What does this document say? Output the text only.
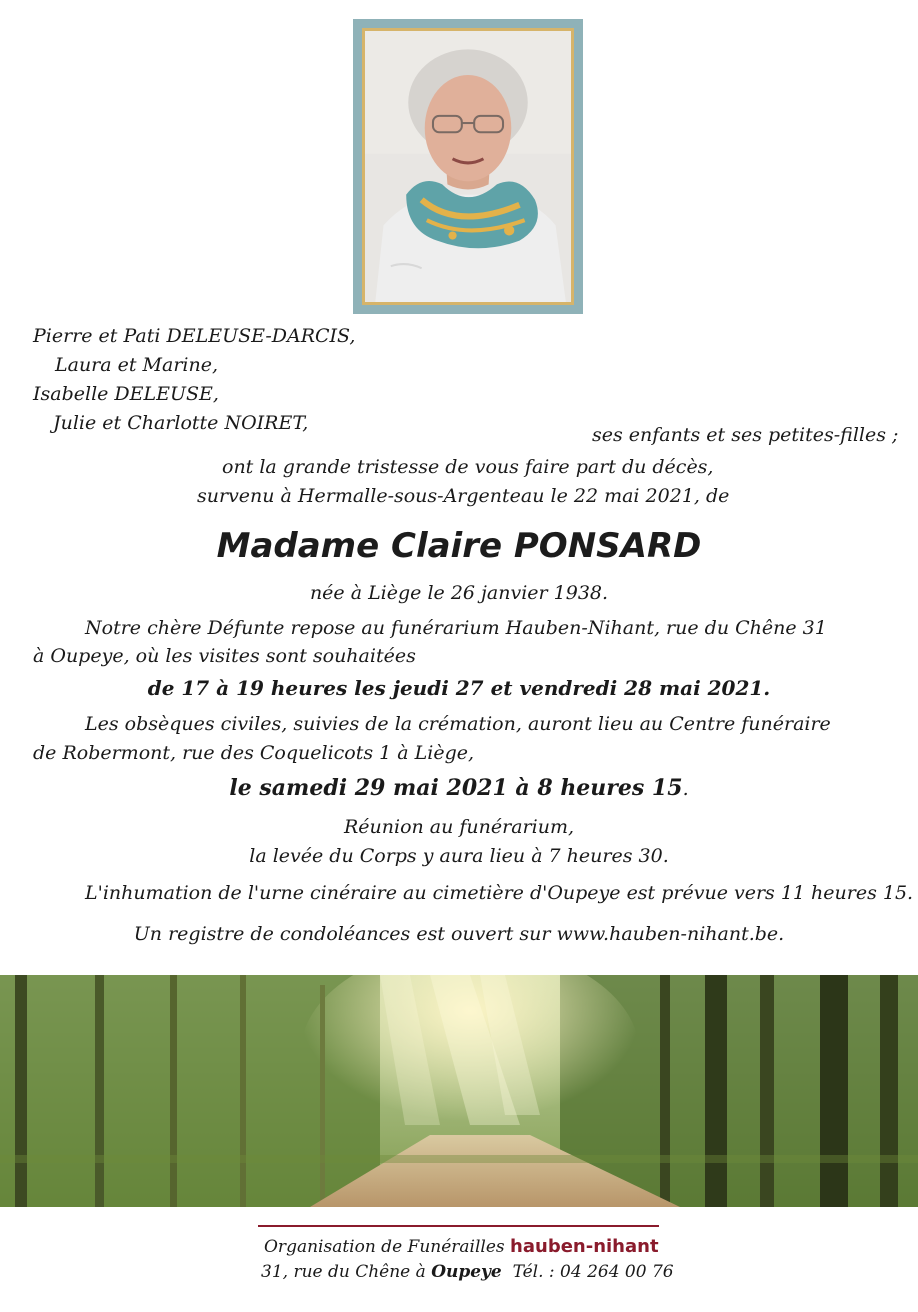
Pierre et Pati DELEUSE-DARCIS,
Laura et Marine,
Isabelle DELEUSE,
Julie et Charlotte NOIRET,
ses enfants et ses petites-filles ;
ont la grande tristesse de vous faire part du décès,
survenu à Hermalle-sous-Argenteau le 22 mai 2021, de
Madame Claire PONSARD
née à Liège le 26 janvier 1938.
Notre chère Défunte repose au funérarium Hauben-Nihant, rue du Chêne 31
à Oupeye, où les visites sont souhaitées
de 17 à 19 heures les jeudi 27 et vendredi 28 mai 2021.
Les obsèques civiles, suivies de la crémation, auront lieu au Centre funéraire
de Robermont, rue des Coquelicots 1 à Liège,
le samedi 29 mai 2021 à 8 heures 15.
Réunion au funérarium,
la levée du Corps y aura lieu à 7 heures 30.
L'inhumation de l'urne cinéraire au cimetière d'Oupeye est prévue vers 11 heures 15.
Un registre de condoléances est ouvert sur www.hauben-nihant.be.
Organisation de Funérailles hauben-nihant
31, rue du Chêne à Oupeye Tél. : 04 264 00 76
